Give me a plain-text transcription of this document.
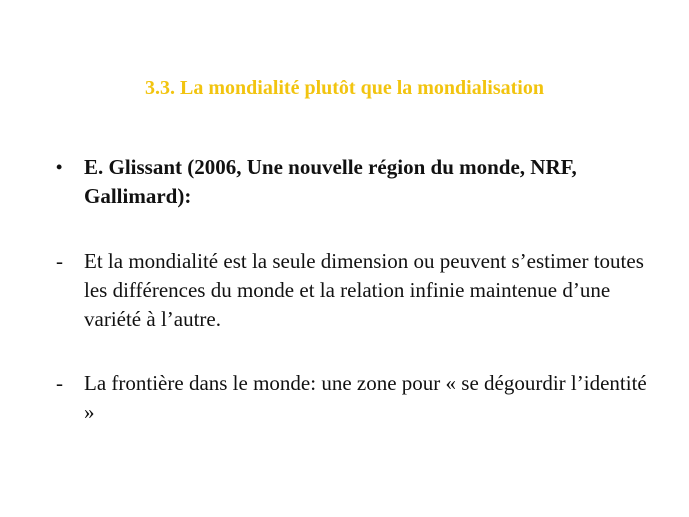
3.3. La mondialité plutôt que la mondialisation
•	E. Glissant (2006, Une nouvelle région du monde, NRF, Gallimard):
-	Et la mondialité est la seule dimension ou peuvent s’estimer toutes les différences du monde et la relation infinie maintenue d’une variété à l’autre.
-	La frontière dans le monde: une zone pour « se dégourdir l’identité »
